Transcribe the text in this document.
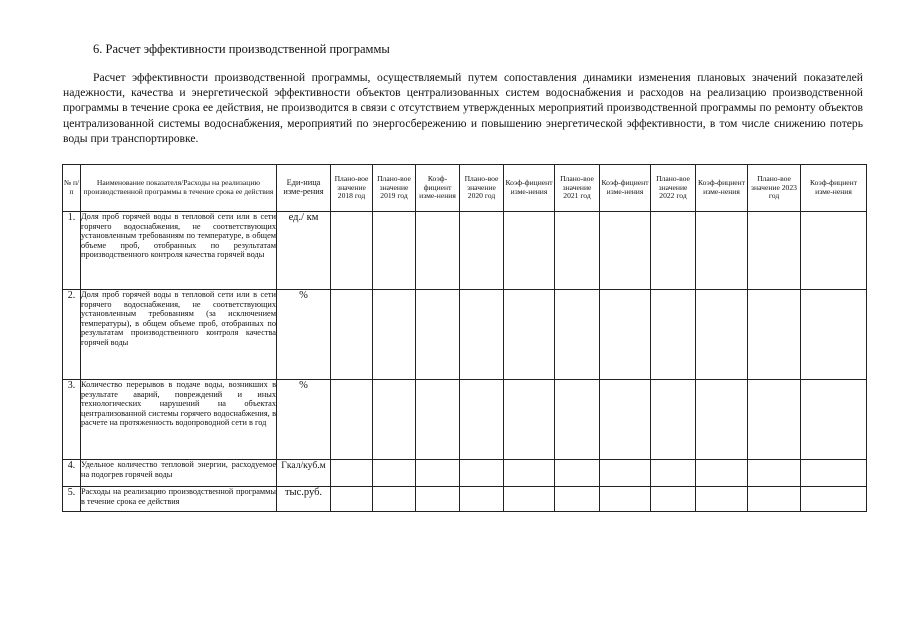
6. Расчет эффективности производственной программы
Расчет эффективности производственной программы, осуществляемый путем сопоставления динамики изменения плановых значений показателей надежности, качества и энергетической эффективности объектов централизованных систем водоснабжения и расходов на реализацию производственной программы в течение срока ее действия, не производится в связи с отсутствием утвержденных мероприятий производственной программы по ремонту объектов централизованной системы водоснабжения, мероприятий по энергосбережению и повышению энергетической эффективности, в том числе снижению потерь воды при транспортировке.
№ п/п	Наименование показателя/Расходы на реализацию производственной программы в течение срока ее действия	Еди-ница изме-рения	Плано-вое значение 2018 год	Плано-вое значение 2019 год	Коэф-фициент изме-нения	Плано-вое значение 2020 год	Коэф-фициент изме-нения	Плано-вое значение 2021 год	Коэф-фициент изме-нения	Плано-вое значение 2022 год	Коэф-фициент изме-нения	Плано-вое значение 2023 год	Коэф-фициент изме-нения
1.	Доля проб горячей воды в тепловой сети или в сети горячего водоснабжения, не соответствующих установленным требованиям по температуре, в общем объеме проб, отобранных по результатам производственного контроля качества горячей воды	ед./ км											
2.	Доля проб горячей воды в тепловой сети или в сети горячего водоснабжения, не соответствующих установленным требованиям (за исключением температуры), в общем объеме проб, отобранных по результатам производственного контроля качества горячей воды	%											
3.	Количество перерывов в подаче воды, возникших в результате аварий, повреждений и иных технологических нарушений на объектах централизованной системы горячего водоснабжения, в расчете на протяженность водопроводной сети в год	%											
4.	Удельное количество тепловой энергии, расходуемое на подогрев горячей воды	Гкал/куб.м											
5.	Расходы на реализацию производственной программы в течение срока ее действия	тыс.руб.											
